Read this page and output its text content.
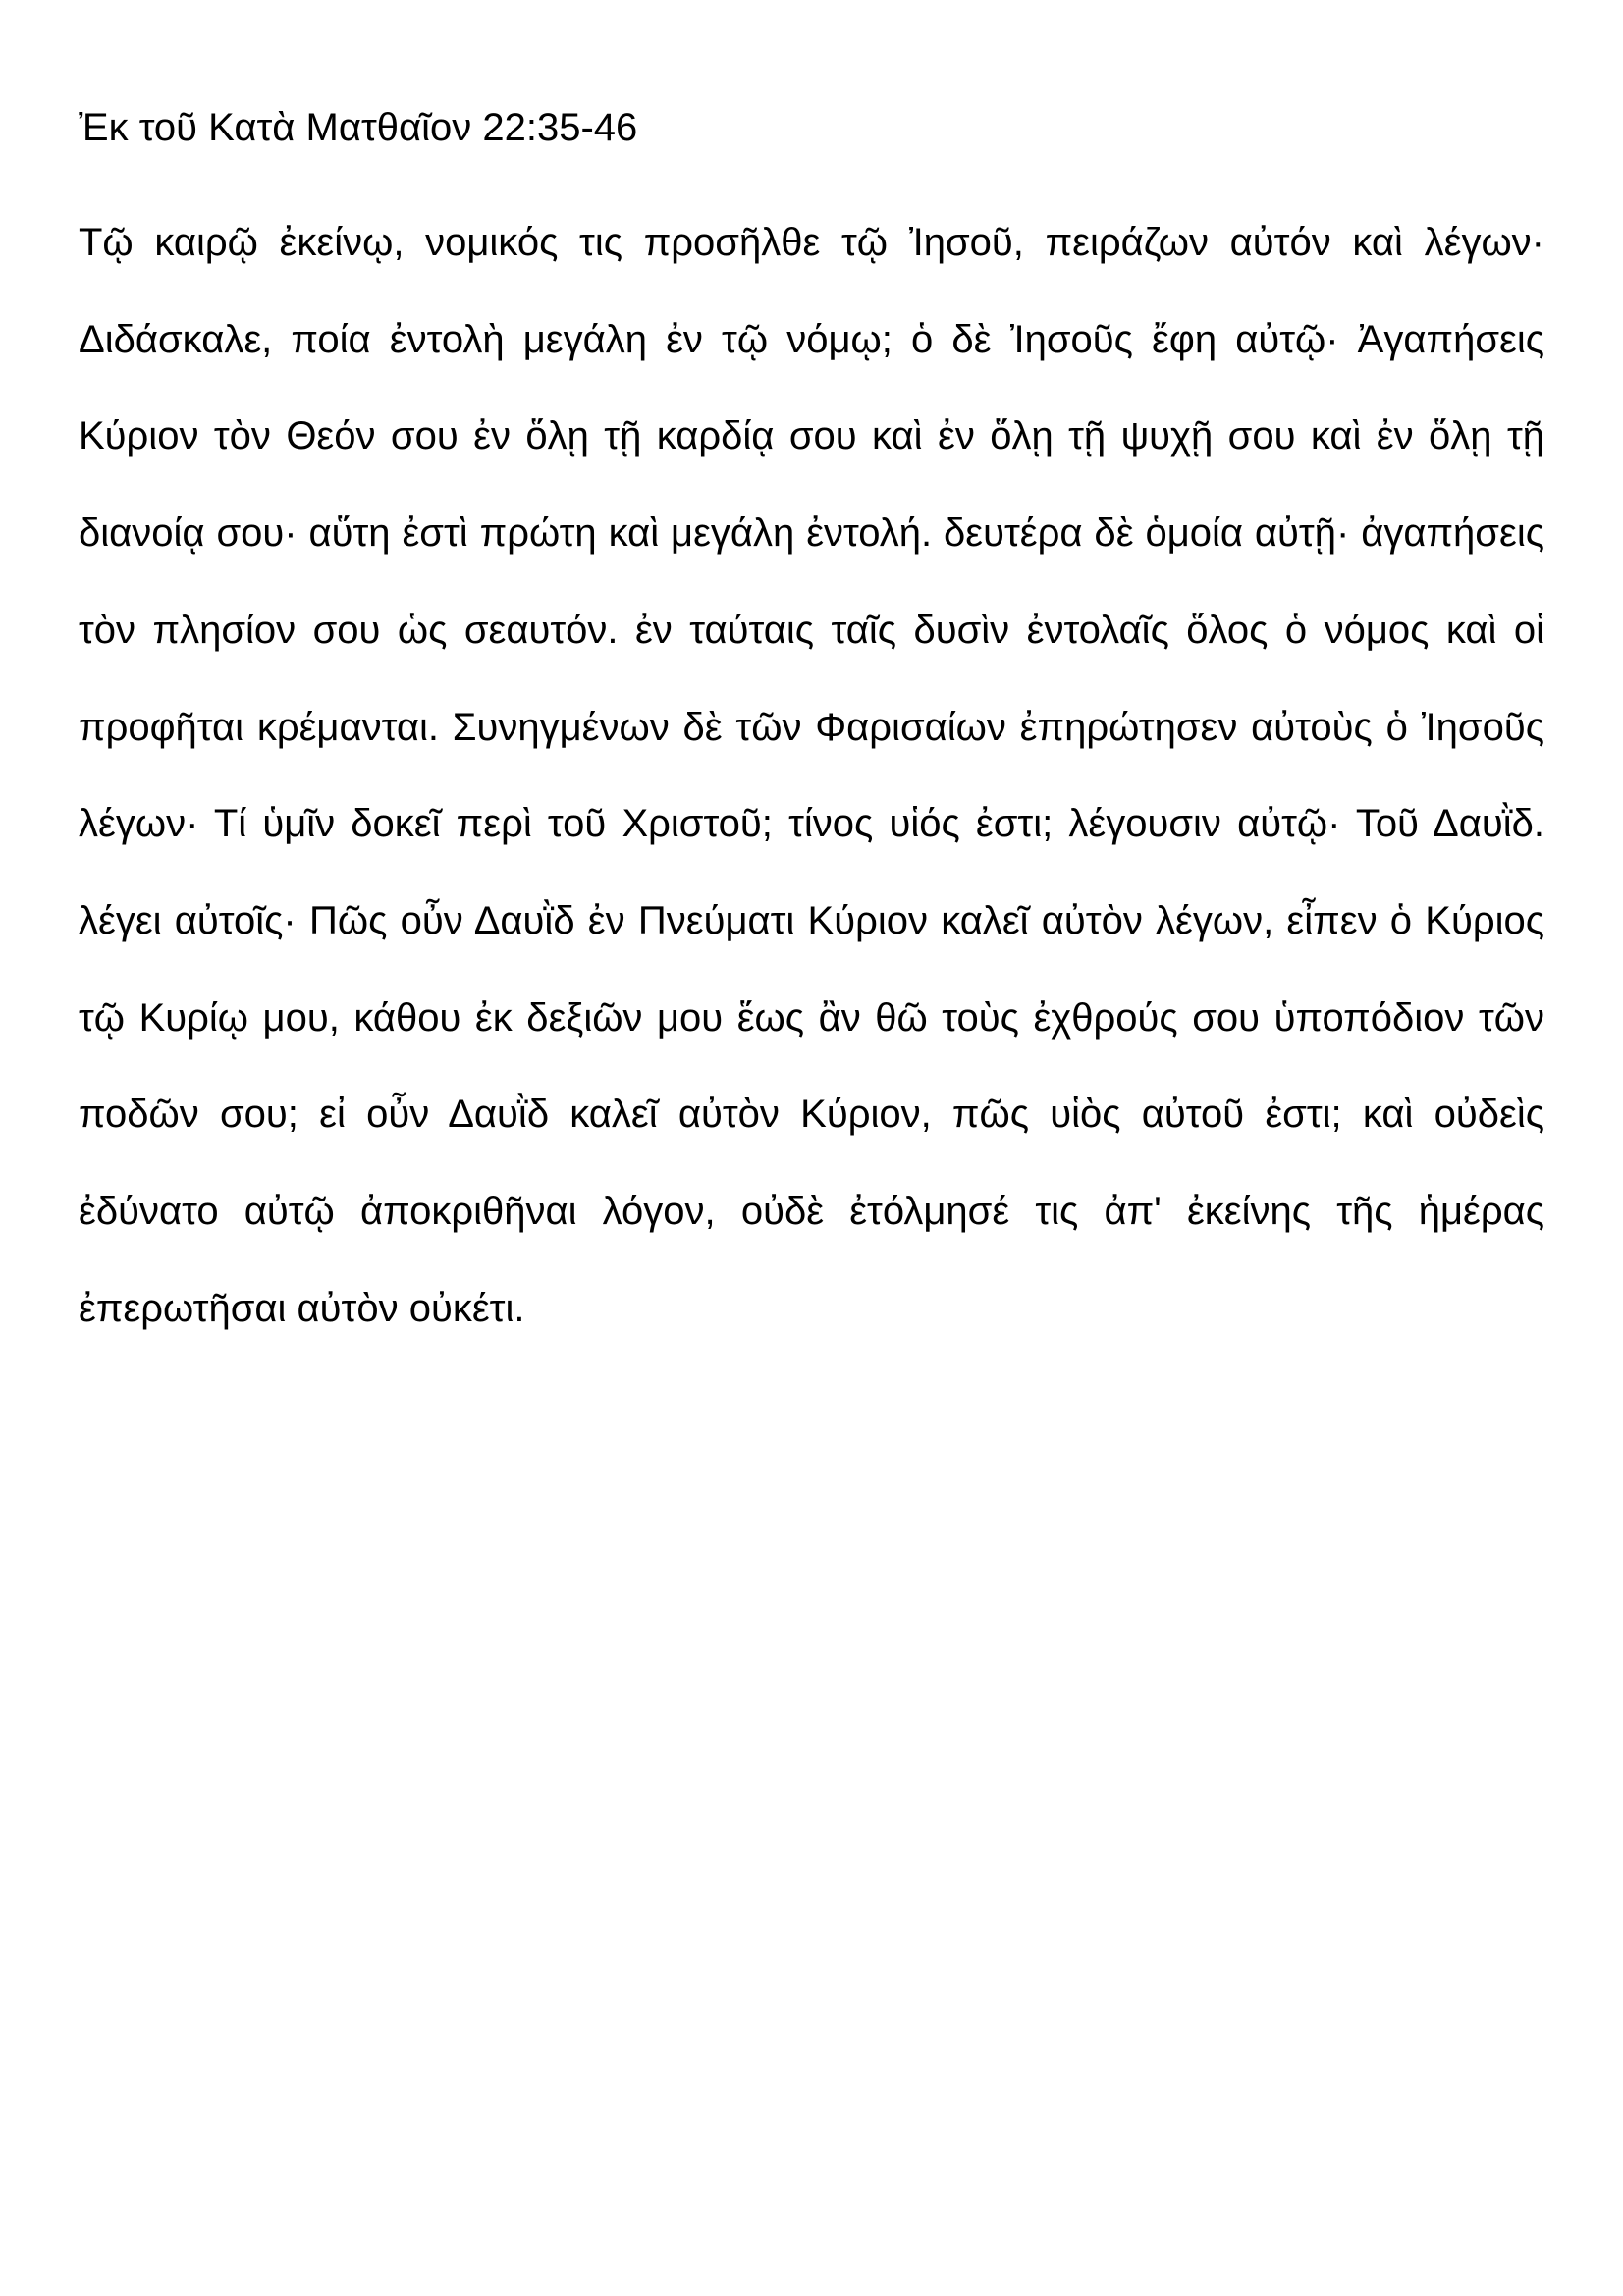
Ἐκ τοῦ Κατὰ Ματθαῖον 22:35-46

Τῷ καιρῷ ἐκείνῳ, νομικός τις προσῆλθε τῷ Ἰησοῦ, πειράζων αὐτόν καὶ λέγων· Διδάσκαλε, ποία ἐντολὴ μεγάλη ἐν τῷ νόμῳ; ὁ δὲ Ἰησοῦς ἔφη αὐτῷ· Ἀγαπήσεις Κύριον τὸν Θεόν σου ἐν ὅλῃ τῇ καρδίᾳ σου καὶ ἐν ὅλῃ τῇ ψυχῇ σου καὶ ἐν ὅλῃ τῇ διανοίᾳ σου· αὕτη ἐστὶ πρώτη καὶ μεγάλη ἐντολή. δευτέρα δὲ ὁμοία αὐτῇ· ἀγαπήσεις τὸν πλησίον σου ὡς σεαυτόν. ἐν ταύταις ταῖς δυσὶν ἐντολαῖς ὅλος ὁ νόμος καὶ οἱ προφῆται κρέμανται. Συνηγμένων δὲ τῶν Φαρισαίων ἐπηρώτησεν αὐτοὺς ὁ Ἰησοῦς λέγων· Τί ὑμῖν δοκεῖ περὶ τοῦ Χριστοῦ; τίνος υἱός ἐστι; λέγουσιν αὐτῷ· Τοῦ Δαυῒδ. λέγει αὐτοῖς· Πῶς οὖν Δαυῒδ ἐν Πνεύματι Κύριον καλεῖ αὐτὸν λέγων, εἶπεν ὁ Κύριος τῷ Κυρίῳ μου, κάθου ἐκ δεξιῶν μου ἕως ἂν θῶ τοὺς ἐχθρούς σου ὑποπόδιον τῶν ποδῶν σου; εἰ οὖν Δαυῒδ καλεῖ αὐτὸν Κύριον, πῶς υἱὸς αὐτοῦ ἐστι; καὶ οὐδεὶς ἐδύνατο αὐτῷ ἀποκριθῆναι λόγον, οὐδὲ ἐτόλμησέ τις ἀπ' ἐκείνης τῆς ἡμέρας ἐπερωτῆσαι αὐτὸν οὐκέτι.
